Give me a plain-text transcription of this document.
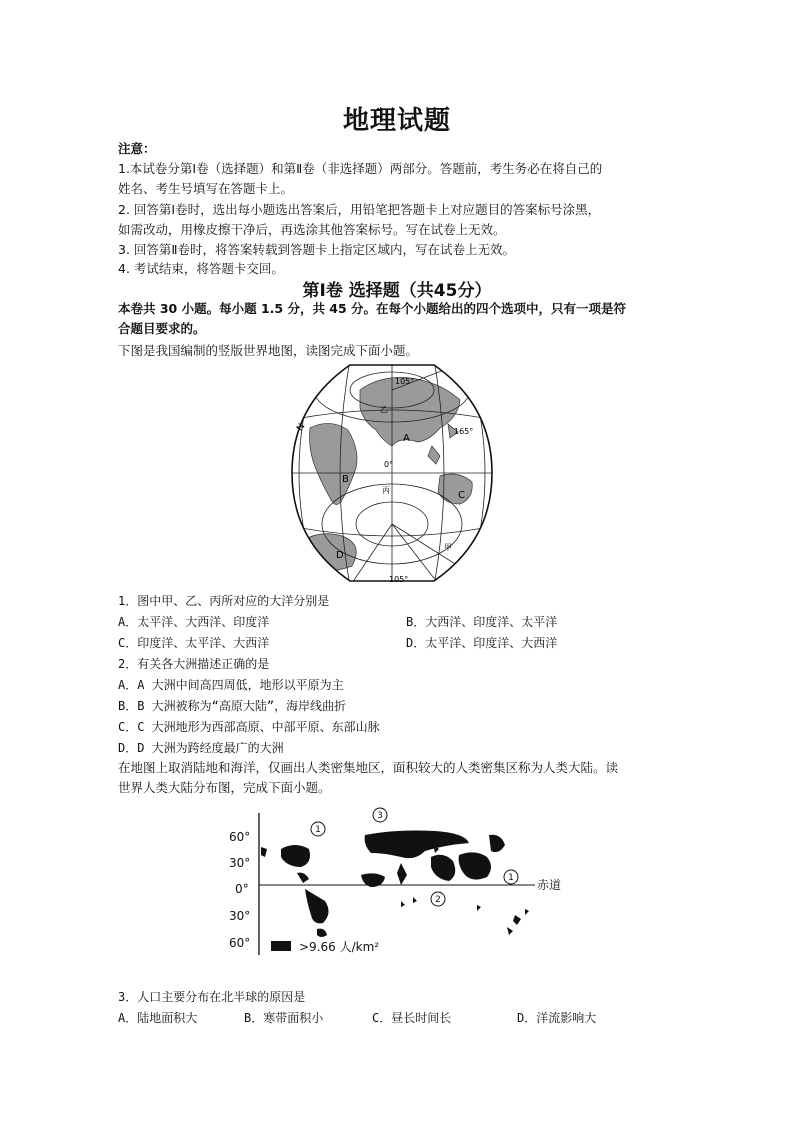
地理试题
注意：
1.本试卷分第Ⅰ卷（选择题）和第Ⅱ卷（非选择题）两部分。答题前，考生务必在将自己的
姓名、考生号填写在答题卡上。
2. 回答第Ⅰ卷时，选出每小题选出答案后，用铅笔把答题卡上对应题目的答案标号涂黑，
如需改动，用橡皮擦干净后，再选涂其他答案标号。写在试卷上无效。
3. 回答第Ⅱ卷时，将答案转载到答题卡上指定区域内，写在试卷上无效。
4. 考试结束，将答题卡交回。
第Ⅰ卷 选择题（共45分）
本卷共 30 小题。每小题 1.5 分，共 45 分。在每个小题给出的四个选项中，只有一项是符
合题目要求的。
下图是我国编制的竖版世界地图，读图完成下面小题。
105°
165°
105°
0°
N
A
B
C
D
丙
甲
乙
1．图中甲、乙、丙所对应的大洋分别是
A．太平洋、大西洋、印度洋	B．大西洋、印度洋、太平洋
C．印度洋、太平洋、大西洋	D．太平洋、印度洋、大西洋
2．有关各大洲描述正确的是
A．A 大洲中间高四周低，地形以平原为主
B．B 大洲被称为“高原大陆”，海岸线曲折
C．C 大洲地形为西部高原、中部平原、东部山脉
D．D 大洲为跨经度最广的大洲
在地图上取消陆地和海洋，仅画出人类密集地区，面积较大的人类密集区称为人类大陆。读
世界人类大陆分布图，完成下面小题。
60°
30°
0°
30°
60°
赤道
1
3
1
2
>9.66 人/km²
3．人口主要分布在北半球的原因是
A．陆地面积大	B．寒带面积小	C．昼长时间长	D．洋流影响大
